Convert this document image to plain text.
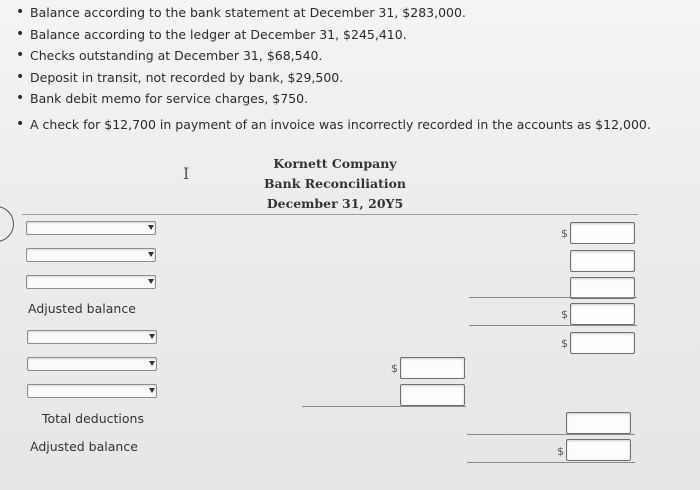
• Balance according to the bank statement at December 31, $283,000.
• Balance according to the ledger at December 31, $245,410.
• Checks outstanding at December 31, $68,540.
• Deposit in transit, not recorded by bank, $29,500.
• Bank debit memo for service charges, $750.
• A check for $12,700 in payment of an invoice was incorrectly recorded in the accounts as $12,000.
I
Kornett Company
Bank Reconciliation
December 31, 20Y5
$
Adjusted balance	$
$
$
Total deductions
Adjusted balance	$
